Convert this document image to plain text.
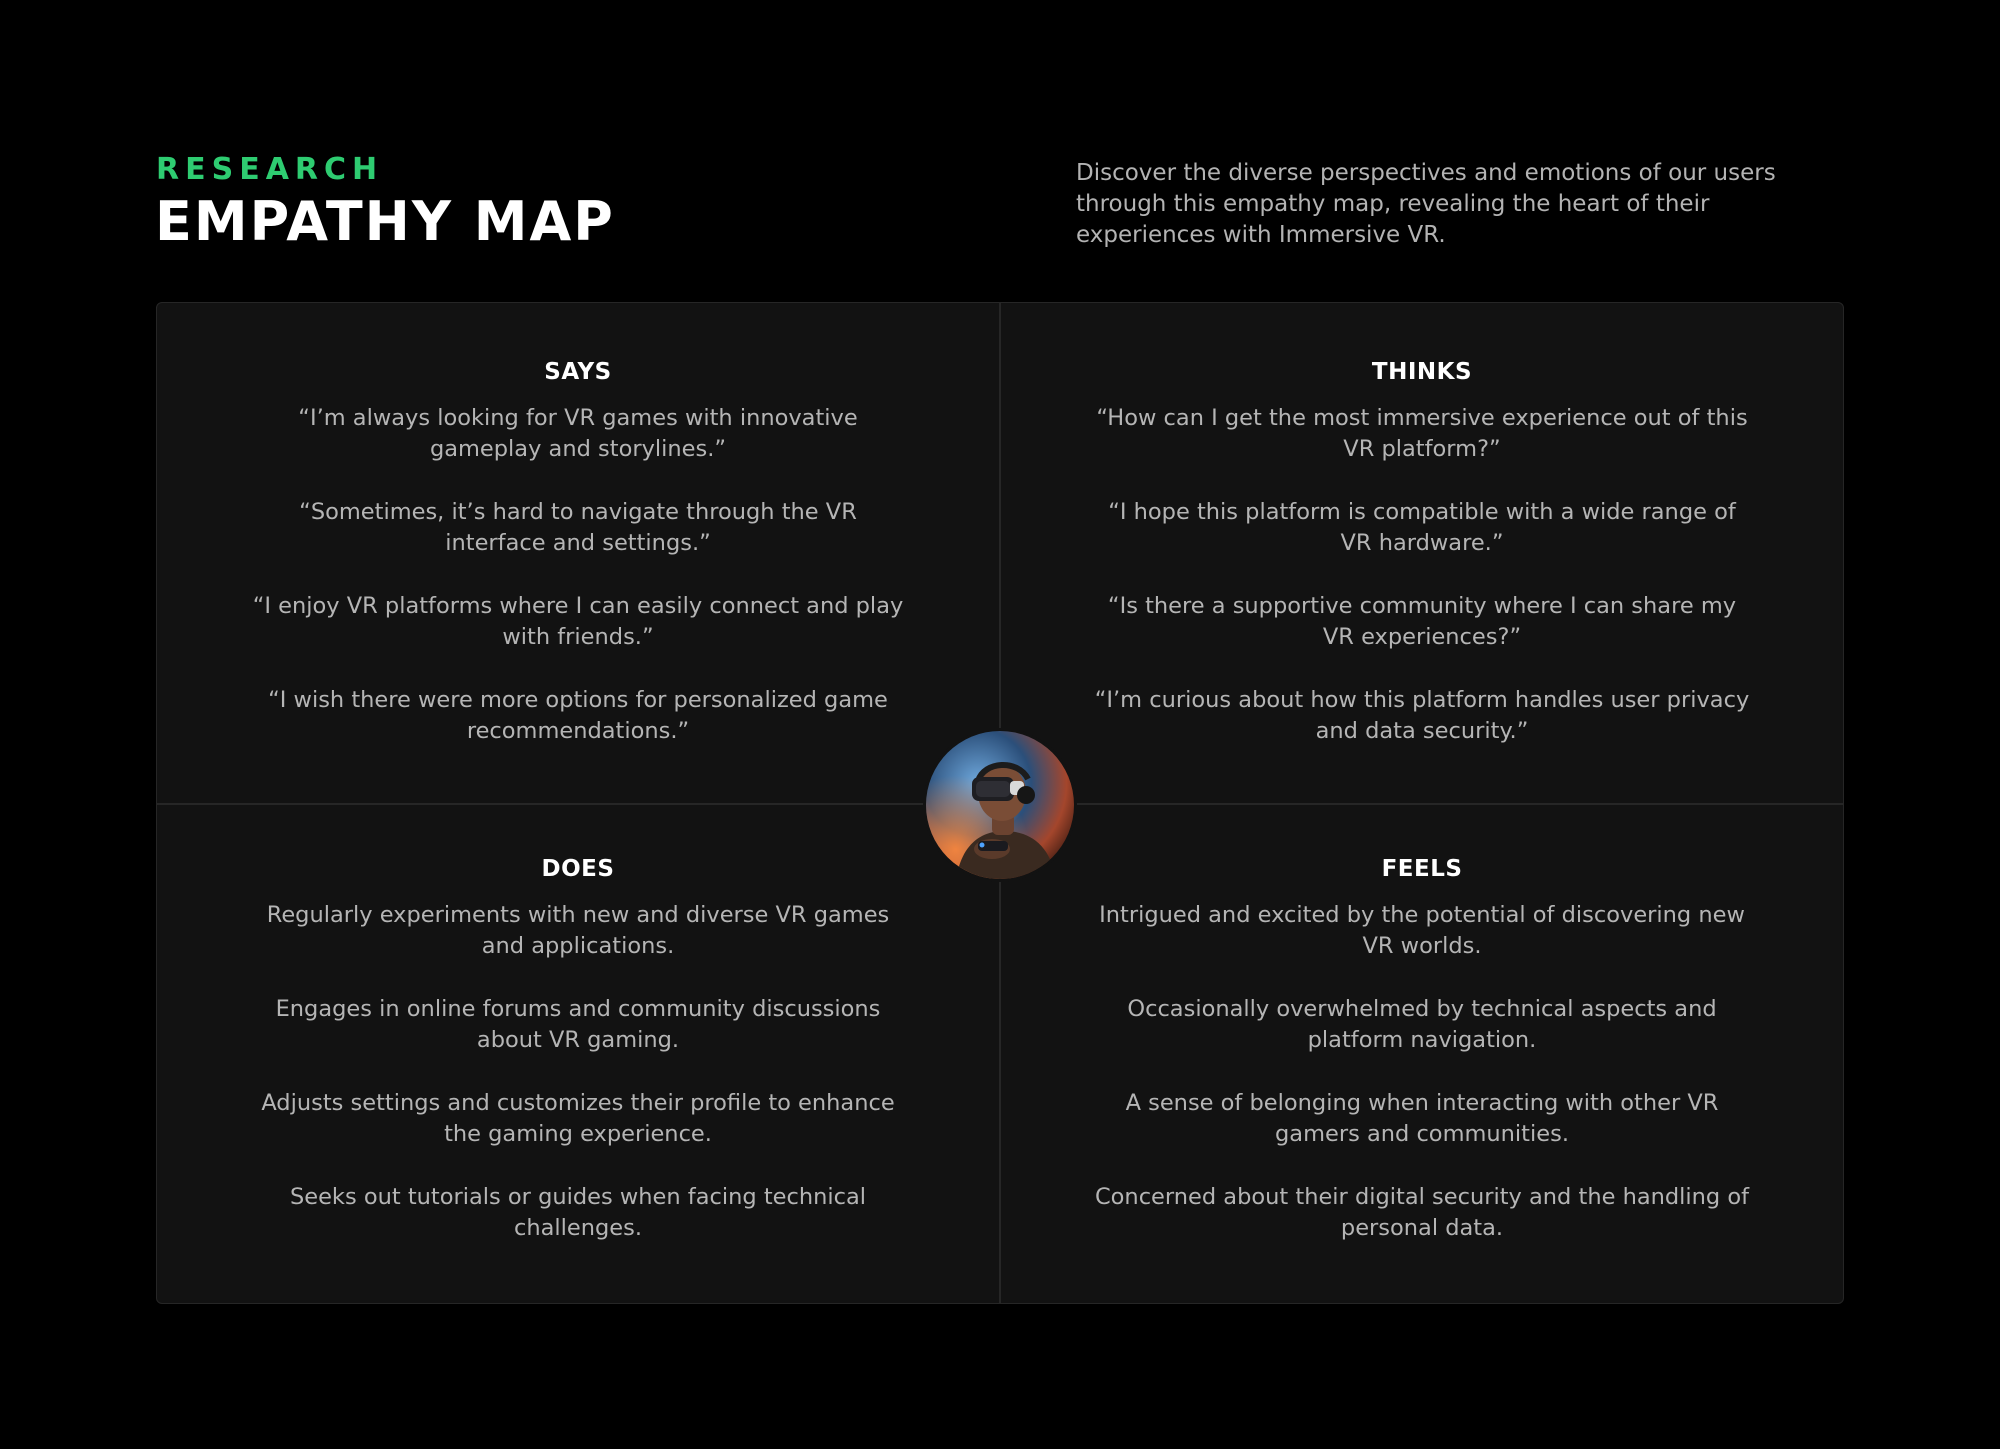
RESEARCH
EMPATHY MAP

Discover the diverse perspectives and emotions of our users through this empathy map, revealing the heart of their experiences with Immersive VR.

SAYS
“I’m always looking for VR games with innovative gameplay and storylines.”
“Sometimes, it’s hard to navigate through the VR interface and settings.”
“I enjoy VR platforms where I can easily connect and play with friends.”
“I wish there were more options for personalized game recommendations.”
THINKS
“How can I get the most immersive experience out of this VR platform?”
“I hope this platform is compatible with a wide range of VR hardware.”
“Is there a supportive community where I can share my VR experiences?”
“I’m curious about how this platform handles user privacy and data security.”
DOES
Regularly experiments with new and diverse VR games and applications.
Engages in online forums and community discussions about VR gaming.
Adjusts settings and customizes their profile to enhance the gaming experience.
Seeks out tutorials or guides when facing technical challenges.
FEELS
Intrigued and excited by the potential of discovering new VR worlds.
Occasionally overwhelmed by technical aspects and platform navigation.
A sense of belonging when interacting with other VR gamers and communities.
Concerned about their digital security and the handling of personal data.
